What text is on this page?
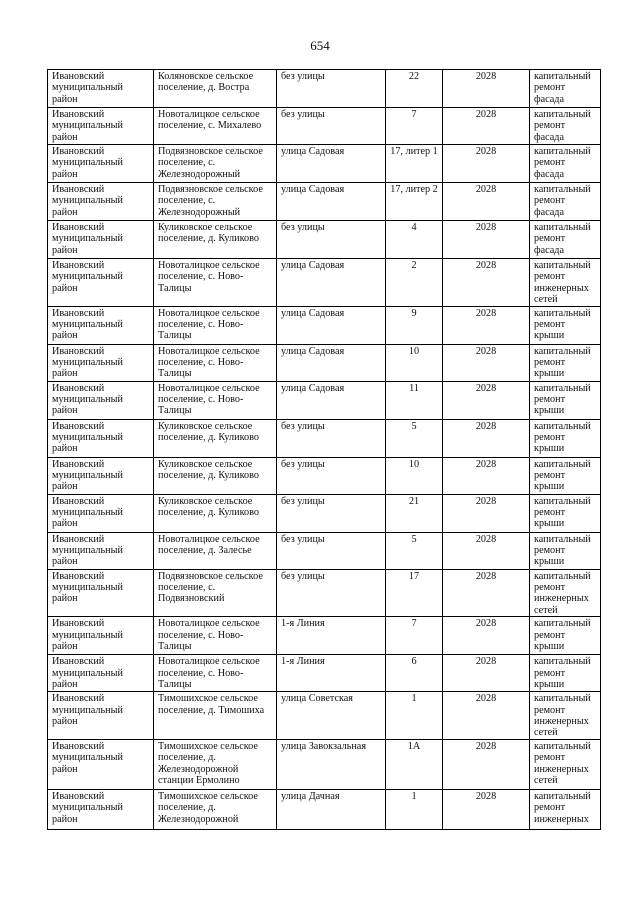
654
Ивановский муниципальный район	Коляновское сельское поселение, д. Востра	без улицы	22	2028	капитальный ремонт фасада
Ивановский муниципальный район	Новоталицкое сельское поселение, с. Михалево	без улицы	7	2028	капитальный ремонт фасада
Ивановский муниципальный район	Подвязновское сельское поселение, с. Железнодорожный	улица Садовая	17, литер 1	2028	капитальный ремонт фасада
Ивановский муниципальный район	Подвязновское сельское поселение, с. Железнодорожный	улица Садовая	17, литер 2	2028	капитальный ремонт фасада
Ивановский муниципальный район	Куликовское сельское поселение, д. Куликово	без улицы	4	2028	капитальный ремонт фасада
Ивановский муниципальный район	Новоталицкое сельское поселение, с. Ново-Талицы	улица Садовая	2	2028	капитальный ремонт инженерных сетей
Ивановский муниципальный район	Новоталицкое сельское поселение, с. Ново-Талицы	улица Садовая	9	2028	капитальный ремонт крыши
Ивановский муниципальный район	Новоталицкое сельское поселение, с. Ново-Талицы	улица Садовая	10	2028	капитальный ремонт крыши
Ивановский муниципальный район	Новоталицкое сельское поселение, с. Ново-Талицы	улица Садовая	11	2028	капитальный ремонт крыши
Ивановский муниципальный район	Куликовское сельское поселение, д. Куликово	без улицы	5	2028	капитальный ремонт крыши
Ивановский муниципальный район	Куликовское сельское поселение, д. Куликово	без улицы	10	2028	капитальный ремонт крыши
Ивановский муниципальный район	Куликовское сельское поселение, д. Куликово	без улицы	21	2028	капитальный ремонт крыши
Ивановский муниципальный район	Новоталицкое сельское поселение, д. Залесье	без улицы	5	2028	капитальный ремонт крыши
Ивановский муниципальный район	Подвязновское сельское поселение, с. Подвязновский	без улицы	17	2028	капитальный ремонт инженерных сетей
Ивановский муниципальный район	Новоталицкое сельское поселение, с. Ново-Талицы	1-я Линия	7	2028	капитальный ремонт крыши
Ивановский муниципальный район	Новоталицкое сельское поселение, с. Ново-Талицы	1-я Линия	6	2028	капитальный ремонт крыши
Ивановский муниципальный район	Тимошихское сельское поселение, д. Тимошиха	улица Советская	1	2028	капитальный ремонт инженерных сетей
Ивановский муниципальный район	Тимошихское сельское поселение, д. Железнодорожной станции Ермолино	улица Завокзальная	1А	2028	капитальный ремонт инженерных сетей
Ивановский муниципальный район	Тимошихское сельское поселение, д. Железнодорожной	улица Дачная	1	2028	капитальный ремонт инженерных
